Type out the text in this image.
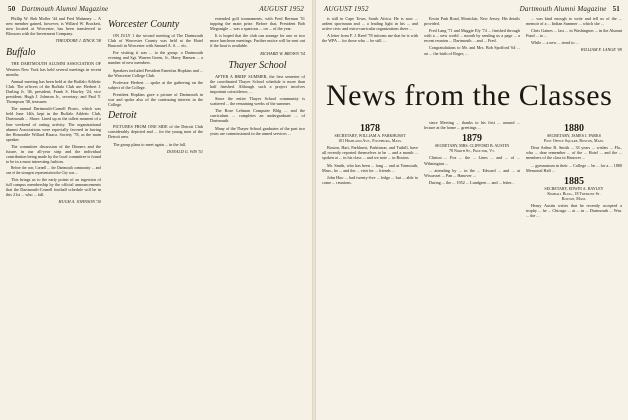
50 Dartmouth Alumni Magazine	AUGUST 1952

Phillip W. Bob Moller '44 and Fred Mahaney ... A new member gained, however, is Willard W. Brackett, now located at Worcester, has been transferred to Blossom with the Investment Company.

THEODORE J. ZINCK '58
Buffalo

THE DARTMOUTH ALUMNI ASSOCIATION OF Western New York has held several meetings in recent months.

Annual meeting has been held at the Buffalo Athletic Club. The officers of the Buffalo Club are: Herbert J. Darling Jr. '46, president; Frank S. Hawley '24, vice president; Hugh J. Johnson Jr., secretary; and Paul Y. Thompson '38, treasurer.

The annual Dartmouth-Cornell Picnic, which was held June 14th, kept in the Buffalo Athletic Club, Dartmouth ... Shore. Lined up as the tallest moment of a fine weekend of outing activity. The organizational alumni Associations were especially favored in having the Honorable Willard Bisaca. Society '78, as the main speaker.

The committee discussion of the Dinners and the future, in our all-year strip and the individual contribution being made by the local committee is found to be in a most interesting fashion.

Before the war, Cornell ... the Dartmouth community ... and one of the strongest representation the City was ...

This brings us to the early points of an ingestion of full campus membership by the official announcements that the Dartmouth-Cornell football schedule will be in this 21st ... who ... fall.

HUGH A. JOHNSON '30
Worcester County

ON JULY 1 the second meeting of The Dartmouth Club of Worcester County was held at the Hotel Bancroft in Worcester with Samuel A. S. ... etc.

For visiting it was ... to the group: a Dartmouth evening and Sgt. Warren Green, Jr., Harry Hansen ... a number of new members.

Speakers included President Emeritus Hopkins and ... the Worcester College Club.

Professor Herbert ... spoke at the gathering on the subject of the College.

President Hopkins gave a picture of Dartmouth in war and spoke also of the continuing interest in the College.

Detroit

PICTURES FROM ONE SIDE of the Detroit Club considerably depicted and ... for the young men of the Detroit area.

The group plans to meet again ... in the fall.

DONALD G. WIS '51

extended golf tournaments, with Fred Berman '51 topping the main prize. Before that, President Bob Megonigle ... was a spacious ... on ... of the year.

It is hoped that the club can arrange for one or two more luncheon meetings. Further notice will be sent out if the boat is available.

RICHARD W. BROWN '54
Thayer School

AFTER A BRIEF SUMMER, the first semester of the coordinated Thayer School schedule is more than half finished. Although such a project involves important coincidence, ...

Since the entire Thayer School community is scattered ... the remaining weeks of the summer.

The Rose Lehman Computer Bldg ... and the curriculum ... completes an undergraduate ... of Dartmouth.

Many of the Thayer School graduates of the past two years are commissioned in the armed services ...

AUGUST 1952	Dartmouth Alumni Magazine 51

is still in Cape Town, South Africa. He is now ... ardent sportsman and ... a leading light in his ... and active civic and extra-curricular organizations there ...

A letter from F. J. Reed '78 informs me that he is with the WPA ... for those who ... he still ...

Erwin Park Road, Montclair, New Jersey. His details provided.

Fred Lang '71 and Maggie Ely '74 ... finished through with a ... new world ... month by sending us a page ... a recent reunion ... Dartmouth ... and ... Fred.

Congratulations to Mr. and Mrs. Bob Spofford '64 ... on ... the birth of Roger, ...

... was kind enough to write and tell us of the ... memoir of a ... Indian Summer ... which she ...

Chris Gaines ... last ... in Washington ... in the Alumni Fund ... to ...

While ... a new ... trend to ...

WILLIAM F. LANGE '09
News from the Classes
1878
SECRETARY, WILLIAM A. PARKHURST
101 Highland Ave., Fitchburg, Mass.

Boston, Hart, Parkhurst, Parkinson, and Tuthill, have all recently reported themselves to be ... and a month ... spoken at ... in his class ... and we note ... in Boston.

Mr. Smith, who has been ... long ... and at Yarmouth, Mass., he ... and the ... visit for ... friends ...

John Hoo ... had twenty-five ... ledge ... but ... able to come ... reunions.

since Meeting ... thanks to his first ... around ... lecture at the home ... greetings ...

1879
SECRETARY, MRS. CLIFFORD B. AUSTIN
78 North St., Proctor, Vt.

Clinton ... Fox ... the ... Lines ... and ... of ... Wilmington ...

... attending by ... in the ... Edward ... and ... at Wiscasset ... Pan ... Hanover ...

During ... the ... 1952 ... Lundgren ... and ... letter...

1880
SECRETARY, JAMES J. PARKS
Post Office Square, Boston, Mass.

Dear Arthur B. Smith ... 33 years ... wishes ... Fla., who ... dear remember ... of the ... Hotel ... and the ... members of the class in Hanover ...

... gymnasium in their ... College ... he ... for a ... 1880 Memorial Hall ...

1885
SECRETARY, EDWIN A. BAYLEY
Kimball Bldg., 18 Tremont St.
Boston, Mass.

Henry Austin writes that he recently accepted a trophy ... he ... Chicago ... at ... in ... Dartmouth ... Wm. ... the ...
